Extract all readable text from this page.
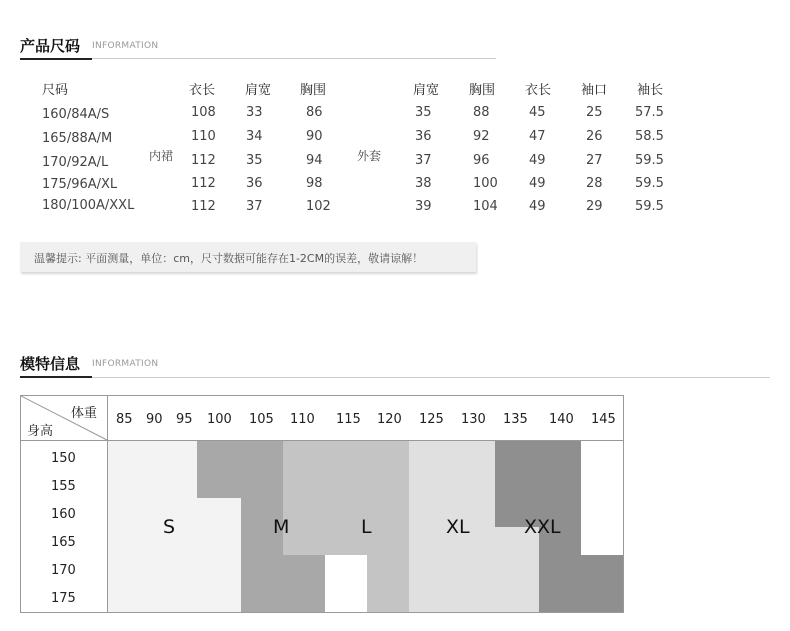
产品尺码 INFORMATION
尺码	衣长 肩宽 胸围	肩宽 胸围 衣长 袖口 袖长
内裙	外套
160/84A/S	108 33	86	35	88	45	25 57.5
165/88A/M	110 34	90	36	92	47	26 58.5
170/92A/L	112 35	94	37	96	49	27 59.5
175/96A/XL	112 36	98	38	100 49	28 59.5
180/100A/XXL	112 37	102	39	104 49	29 59.5
温馨提示: 平面测量，单位：cm，尺寸数据可能存在1-2CM的误差，敬请谅解！
模特信息 INFORMATION
S	M	L	XL	XXL
体重
身高
85 90 95 100 105 110 115 120 125 130 135 140 145
150
155
160
165
170
175
